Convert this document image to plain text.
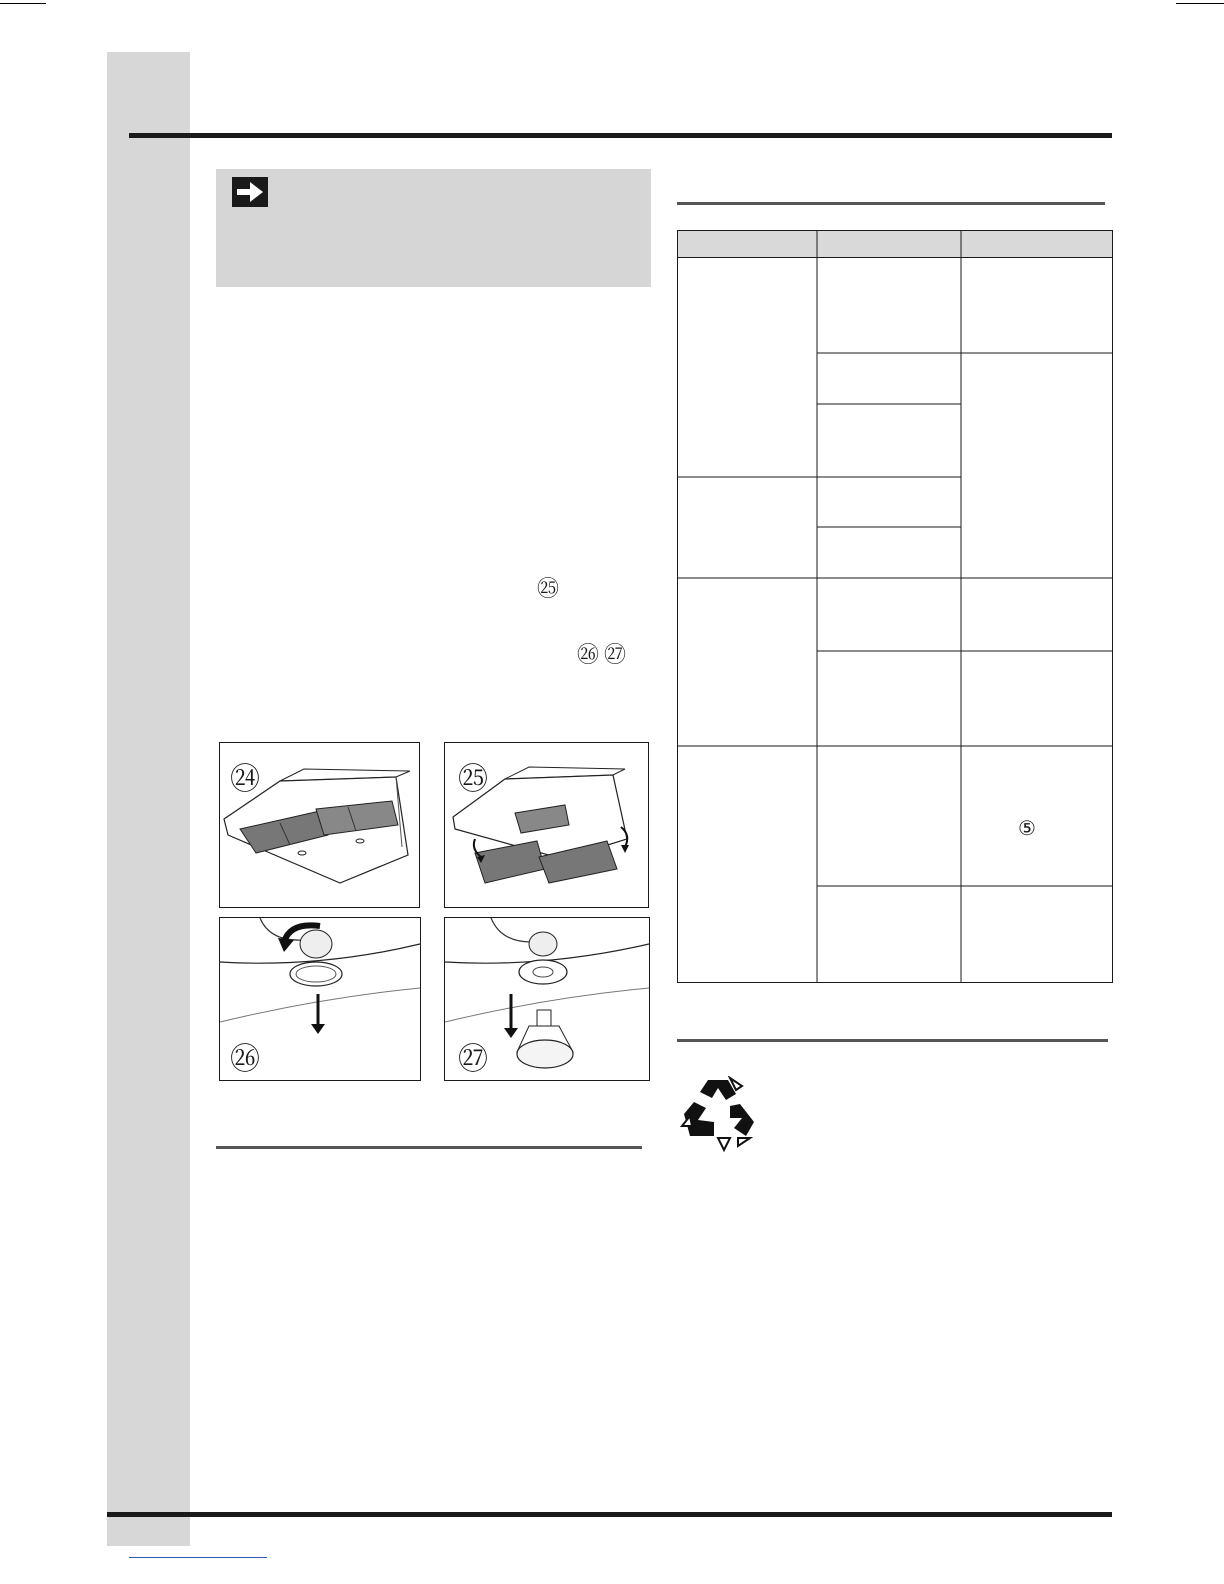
㉕
㉖ ㉗
㉔	㉕
㉖	㉗
⑤
